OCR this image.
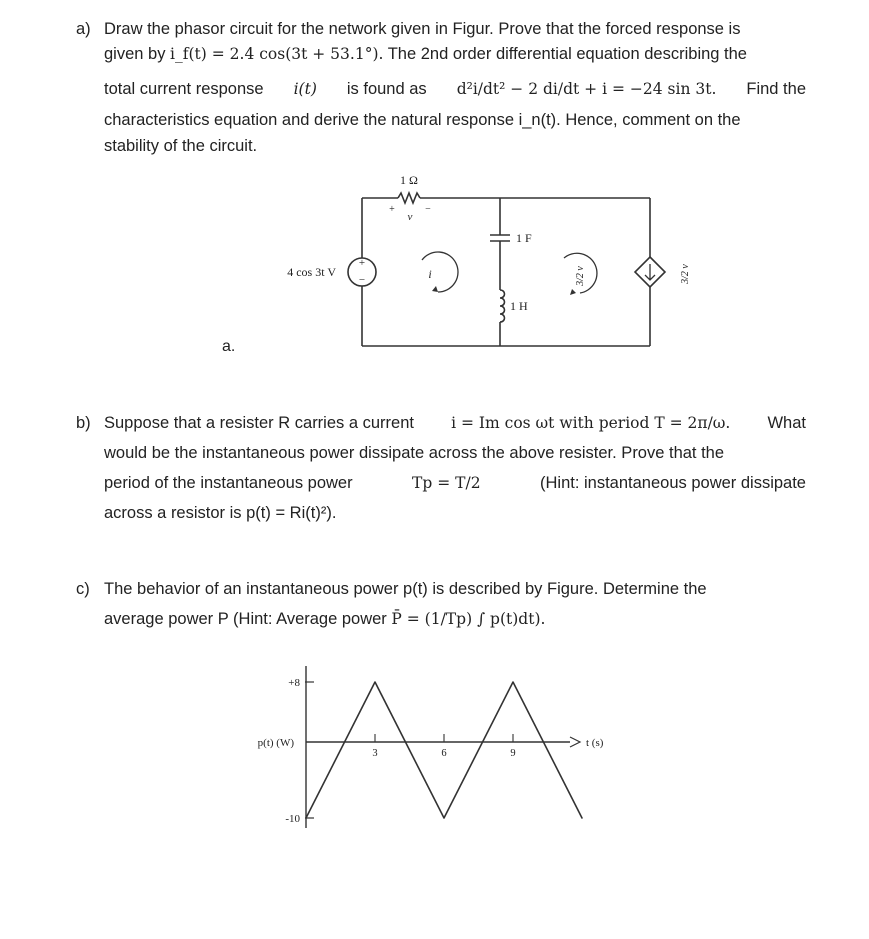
a) Draw the phasor circuit for the network given in Figur. Prove that the forced response is
given by i_f(t) = 2.4 cos(3t + 53.1°). The 2nd order differential equation describing the
total current response i(t) is found as d²i/dt² − 2 di/dt + i = −24 sin 3t. Find the
characteristics equation and derive the natural response i_n(t). Hence, comment on the
stability of the circuit.
+
−
1 Ω
+	−
v
4 cos 3t V	i
1 F
1 H
3/2 v	3/2 v
a.
b) Suppose that a resister R carries a current i = Im cos ωt with period T = 2π/ω. What
would be the instantaneous power dissipate across the above resister. Prove that the
period of the instantaneous power	Tp = T/2	(Hint: instantaneous power dissipate
across a resistor is p(t) = Ri(t)²).
c) The behavior of an instantaneous power p(t) is described by Figure. Determine the
average power P (Hint: Average power P̄ = (1/Tp) ∫ p(t)dt).
+8
-10
p(t) (W)	t (s)
3	6	9
